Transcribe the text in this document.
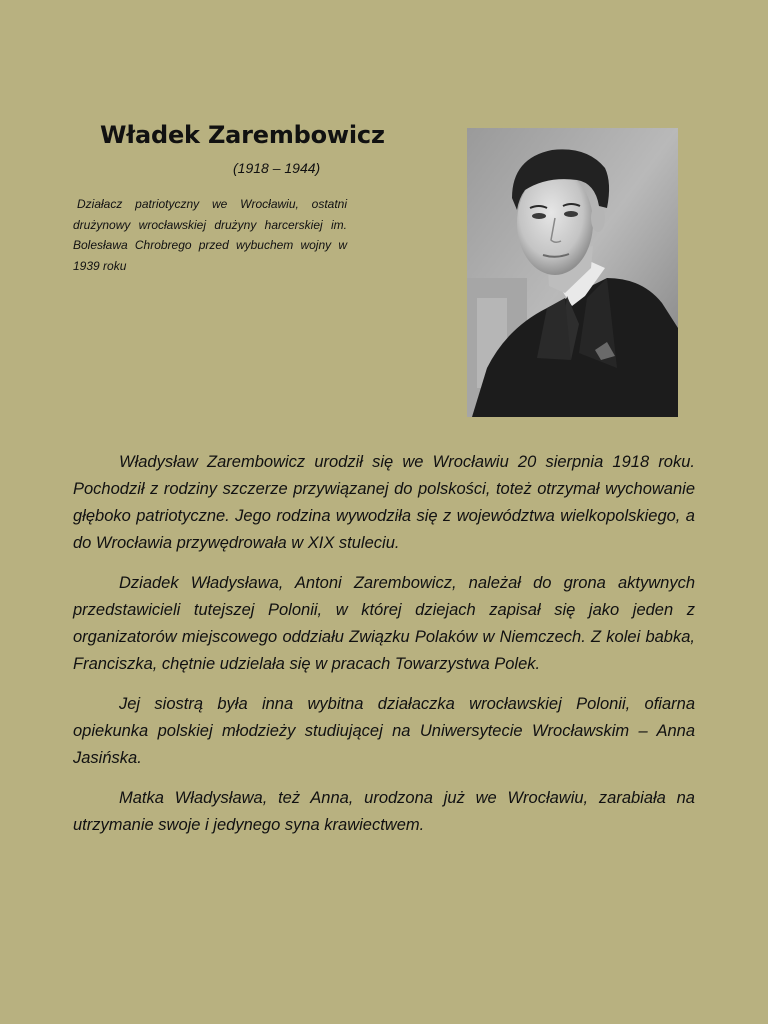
Władek Zarembowicz
(1918 – 1944)

Działacz patriotyczny we Wrocławiu, ostatni drużynowy wrocławskiej drużyny harcerskiej im. Bolesława Chrobrego przed wybuchem wojny w 1939 roku

Władysław Zarembowicz urodził się we Wrocławiu 20 sierpnia 1918 roku. Pochodził z rodziny szczerze przywiązanej do polskości, toteż otrzymał wychowanie głęboko patriotyczne. Jego rodzina wywodziła się z województwa wielkopolskiego, a do Wrocławia przywędrowała w XIX stuleciu.

Dziadek Władysława, Antoni Zarembowicz, należał do grona aktywnych przedstawicieli tutejszej Polonii, w której dziejach zapisał się jako jeden z organizatorów miejscowego oddziału Związku Polaków w Niemczech. Z kolei babka, Franciszka, chętnie udzielała się w pracach Towarzystwa Polek.

Jej siostrą była inna wybitna działaczka wrocławskiej Polonii, ofiarna opiekunka polskiej młodzieży studiującej na Uniwersytecie Wrocławskim – Anna Jasińska.

Matka Władysława, też Anna, urodzona już we Wrocławiu, zarabiała na utrzymanie swoje i jedynego syna krawiectwem.
